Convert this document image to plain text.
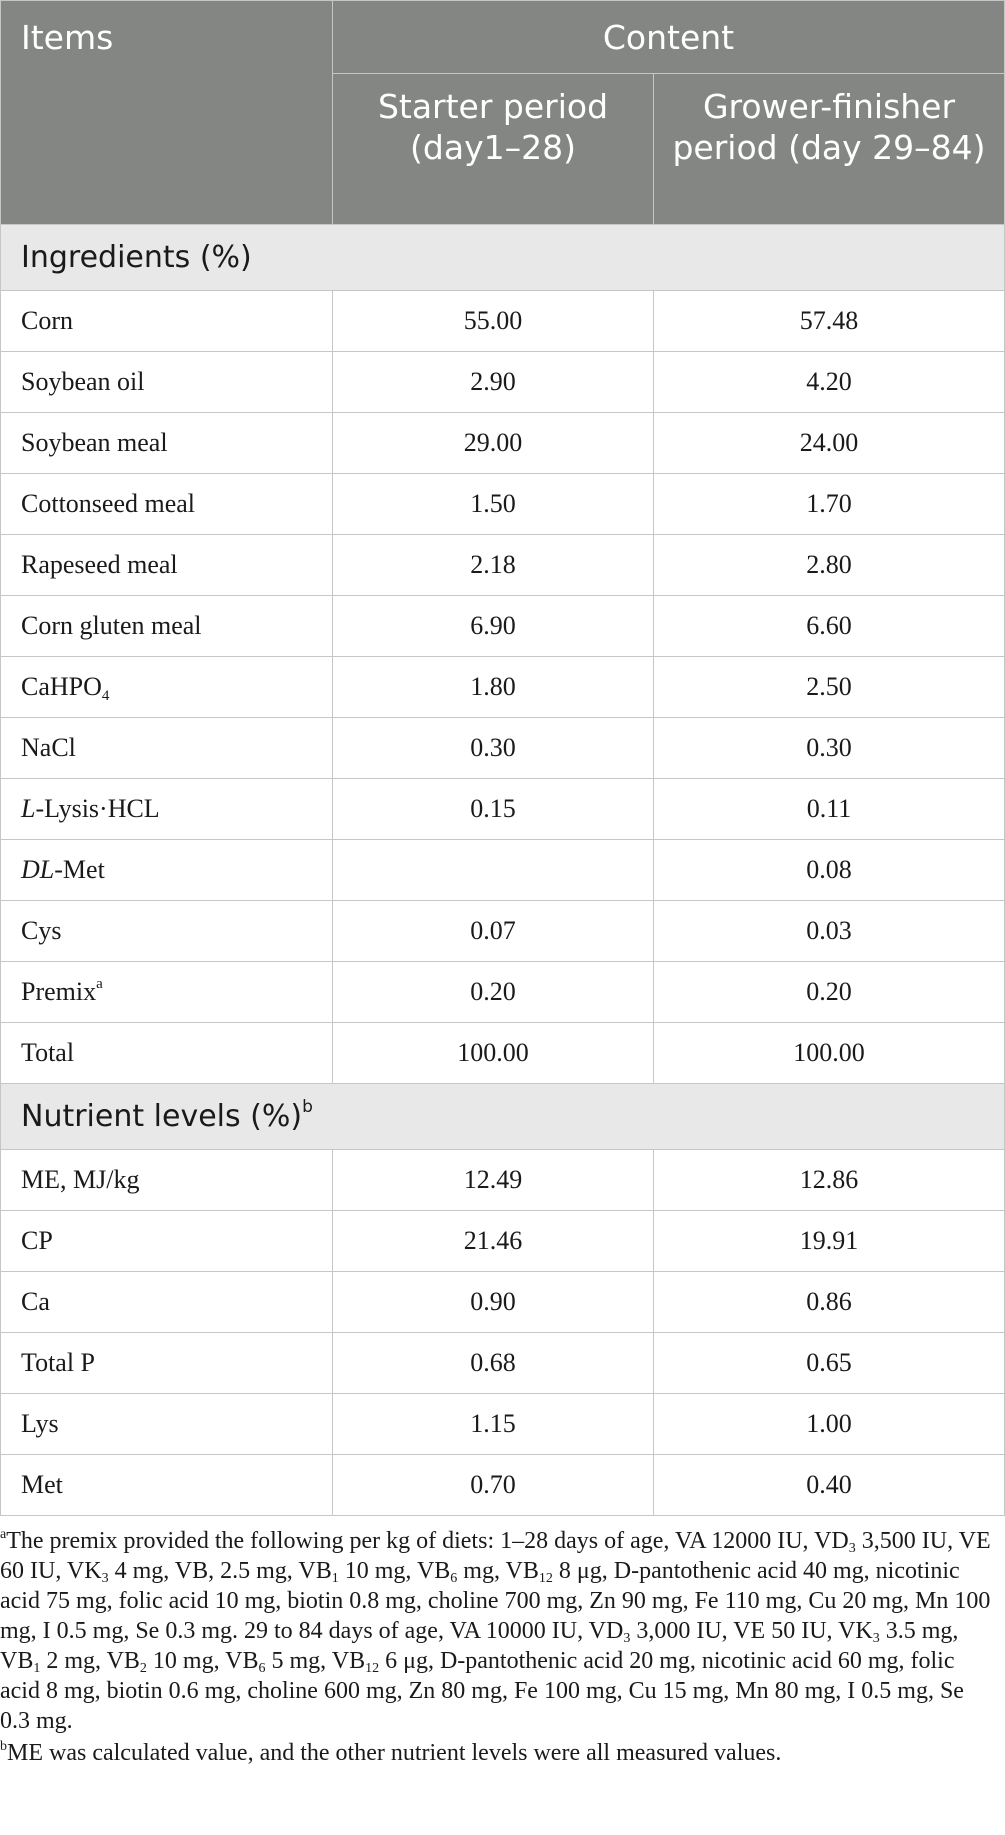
Items	Content	
	Starter period (day1–28)	Grower-finisher period (day 29–84)
Ingredients (%)		
Corn	55.00	57.48
Soybean oil	2.90	4.20
Soybean meal	29.00	24.00
Cottonseed meal	1.50	1.70
Rapeseed meal	2.18	2.80
Corn gluten meal	6.90	6.60
CaHPO$_4$	1.80	2.50
NaCl	0.30	0.30
L-Lysis·HCL	0.15	0.11
DL-Met		0.08
Cys	0.07	0.03
Premix$^a$	0.20	0.20
Total	100.00	100.00
Nutrient levels (%)$^b$
ME, MJ/kg	12.49	12.86
CP	21.46	19.91
Ca	0.90	0.86
Total P	0.68	0.65
Lys	1.15	1.00
Met	0.70	0.40

$^a$The premix provided the following per kg of diets: 1–28 days of age, VA 12000 IU, $VD_3$ 3,500 IU, VE 60 IU, $VK_3$ 4 mg, VB, 2.5 mg, $VB_1$ 10 mg, $VB_6$ mg, $VB_{12}$ 8 μg, D-pantothenic acid 40 mg, nicotinic acid 75 mg, folic acid 10 mg, biotin 0.8 mg, choline 700 mg, Zn 90 mg, Fe 110 mg, Cu 20 mg, Mn 100 mg, I 0.5 mg, Se 0.3 mg. 29 to 84 days of age, VA 10000 IU, $VD_3$ 3,000 IU, VE 50 IU, $VK_3$ 3.5 mg, $VB_1$ 2 mg, $VB_2$ 10 mg, $VB_6$ 5 mg, $VB_{12}$ 6 μg, D-pantothenic acid 20 mg, nicotinic acid 60 mg, folic acid 8 mg, biotin 0.6 mg, choline 600 mg, Zn 80 mg, Fe 100 mg, Cu 15 mg, Mn 80 mg, I 0.5 mg, Se 0.3 mg.

$^b$ME was calculated value, and the other nutrient levels were all measured values.
